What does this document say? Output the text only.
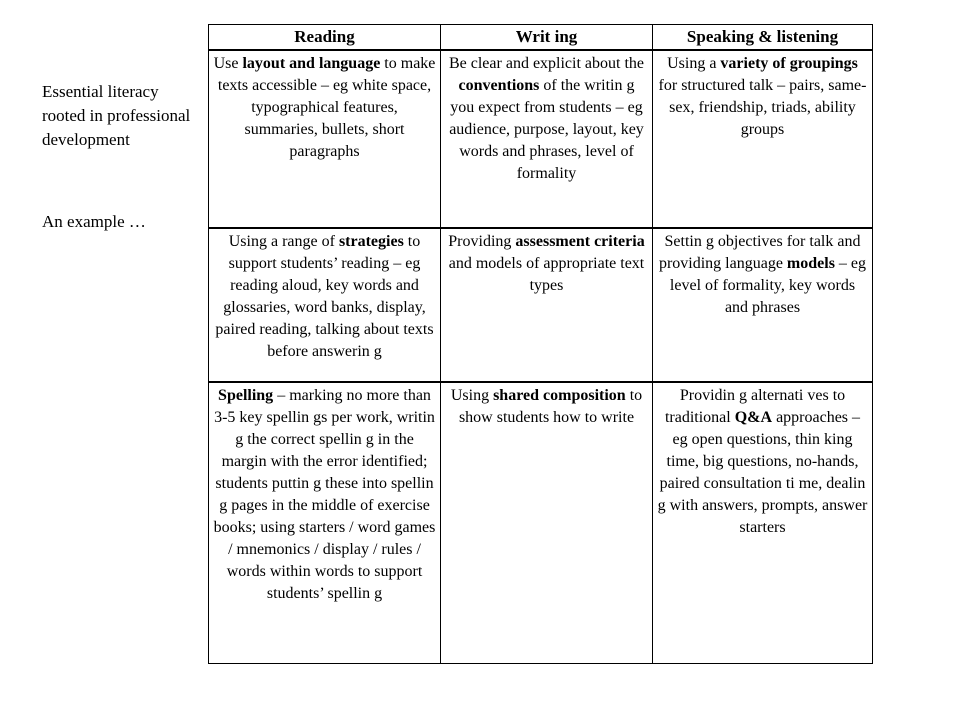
Essential literacy rooted in professional development

An example …

Reading	Writ ing	Speaking & listening
Use layout and language to make texts accessible – eg white space, typographical features, summaries, bullets, short paragraphs	Be clear and explicit about the conventions of the writin g you expect from students – eg audience, purpose, layout, key words and phrases, level of formality	Using a variety of groupings for structured talk – pairs, same-sex, friendship, triads, ability groups
Using a range of strategies to support students’ reading – eg reading aloud, key words and glossaries, word banks, display, paired reading, talking about texts before answerin g	Providing assessment criteria and models of appropriate text types	Settin g objectives for talk and providing language models – eg level of formality, key words and phrases
Spelling – marking no more than 3-5 key spellin gs per work, writin g the correct spellin g in the margin with the error identified; students puttin g these into spellin g pages in the middle of exercise books; using starters / word games / mnemonics / display / rules / words within words to support students’ spellin g	Using shared composition to show students how to write	Providin g alternati ves to traditional Q&A approaches – eg open questions, thin king time, big questions, no-hands, paired consultation ti me, dealin g with answers, prompts, answer starters
